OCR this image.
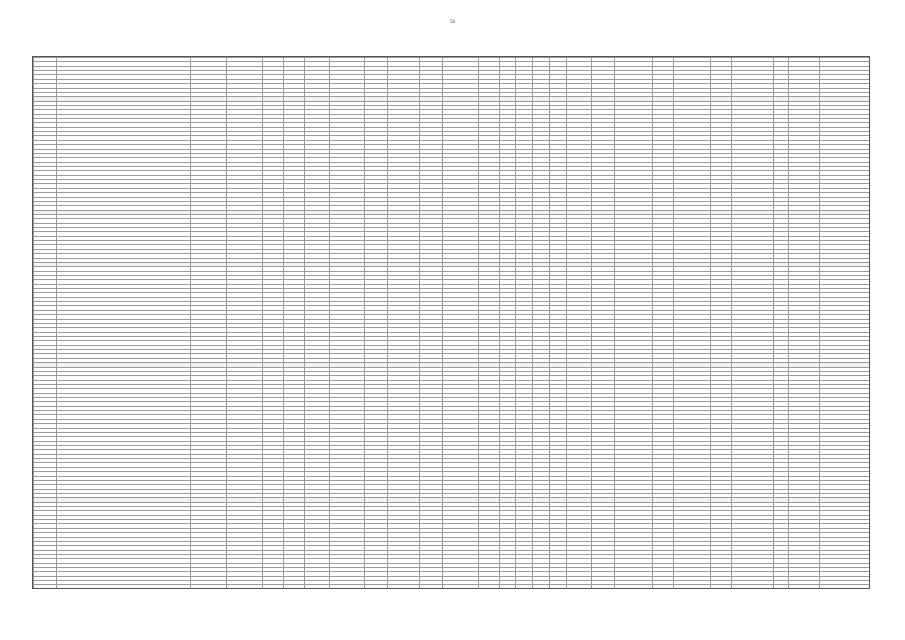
56
